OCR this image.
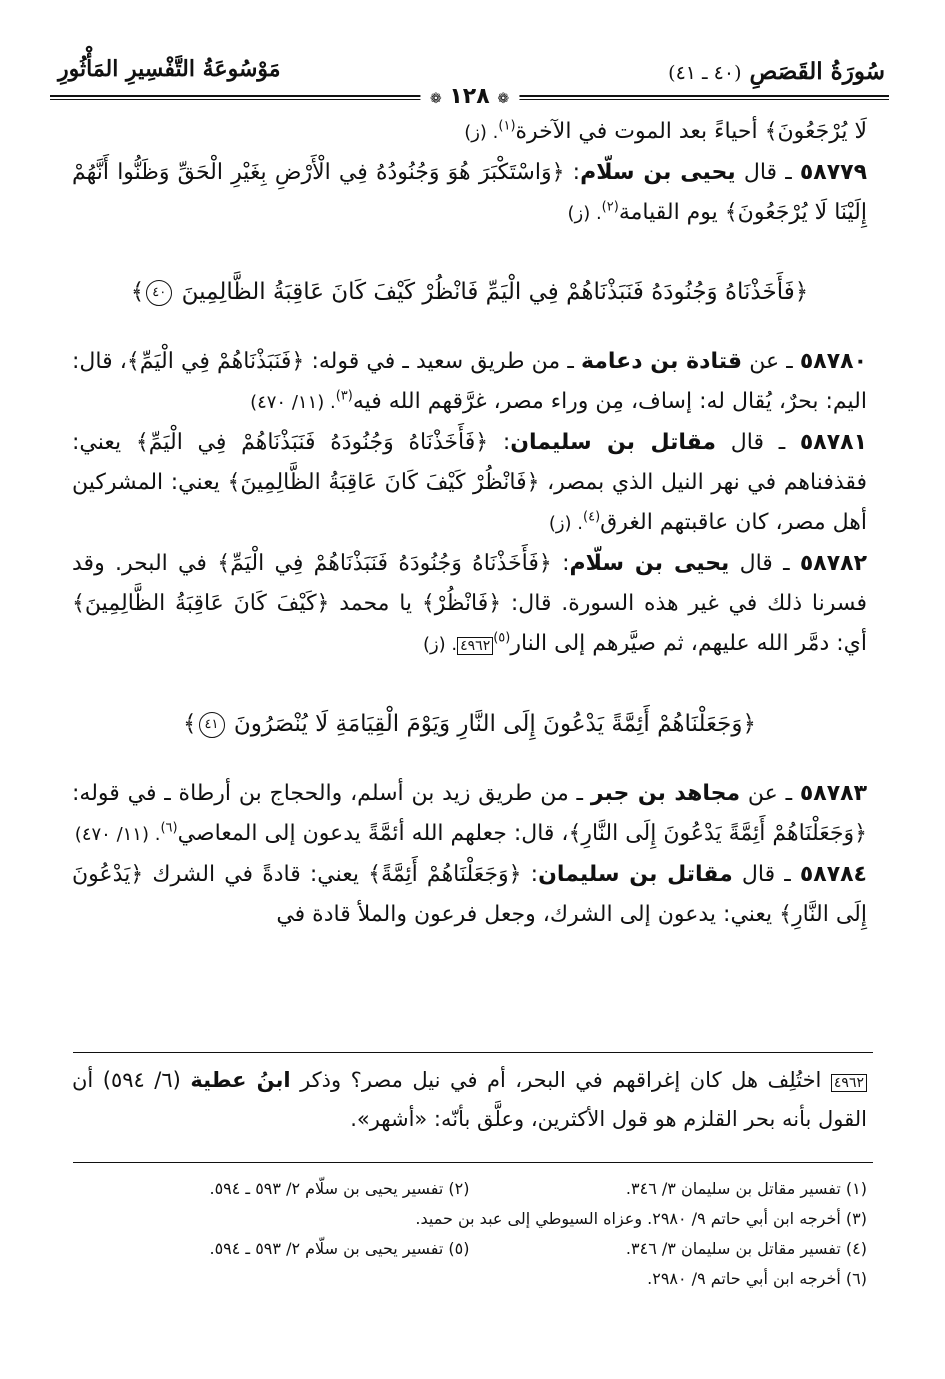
سُورَةُ القَصَصِ (٤٠ ـ ٤١)
مَوْسُوعَةُ التَّفْسِيرِ المَأْثُورِ
❁ ١٢٨ ❁

لَا يُرْجَعُونَ﴾ أحياءً بعد الموت في الآخرة$^{(١)}$. (ز)

٥٨٧٧٩ ـ قال يحيى بن سلّام: ﴿وَاسْتَكْبَرَ هُوَ وَجُنُودُهُ فِي الْأَرْضِ بِغَيْرِ الْحَقِّ وَظَنُّوا أَنَّهُمْ إِلَيْنَا لَا يُرْجَعُونَ﴾ يوم القيامة$^{(٢)}$. (ز)

﴿فَأَخَذْنَاهُ وَجُنُودَهُ فَنَبَذْنَاهُمْ فِي الْيَمِّ فَانْظُرْ كَيْفَ كَانَ عَاقِبَةُ الظَّالِمِينَ ٤٠﴾

٥٨٧٨٠ ـ عن قتادة بن دعامة ـ من طريق سعيد ـ في قوله: ﴿فَنَبَذْنَاهُمْ فِي الْيَمِّ﴾، قال: اليم: بحرٌ، يُقال له: إساف، مِن وراء مصر، غرَّقهم الله فيه$^{(٣)}$. (١١/ ٤٧٠)

٥٨٧٨١ ـ قال مقاتل بن سليمان: ﴿فَأَخَذْنَاهُ وَجُنُودَهُ فَنَبَذْنَاهُمْ فِي الْيَمِّ﴾ يعني: فقذفناهم في نهر النيل الذي بمصر، ﴿فَانْظُرْ كَيْفَ كَانَ عَاقِبَةُ الظَّالِمِينَ﴾ يعني: المشركين أهل مصر، كان عاقبتهم الغرق$^{(٤)}$. (ز)

٥٨٧٨٢ ـ قال يحيى بن سلّام: ﴿فَأَخَذْنَاهُ وَجُنُودَهُ فَنَبَذْنَاهُمْ فِي الْيَمِّ﴾ في البحر. وقد فسرنا ذلك في غير هذه السورة. قال: ﴿فَانْظُرْ﴾ يا محمد ﴿كَيْفَ كَانَ عَاقِبَةُ الظَّالِمِينَ﴾ أي: دمَّر الله عليهم، ثم صيَّرهم إلى النار$^{(٥)}$٤٩٦٢. (ز)

﴿وَجَعَلْنَاهُمْ أَئِمَّةً يَدْعُونَ إِلَى النَّارِ وَيَوْمَ الْقِيَامَةِ لَا يُنْصَرُونَ ٤١﴾

٥٨٧٨٣ ـ عن مجاهد بن جبر ـ من طريق زيد بن أسلم، والحجاج بن أرطاة ـ في قوله: ﴿وَجَعَلْنَاهُمْ أَئِمَّةً يَدْعُونَ إِلَى النَّارِ﴾، قال: جعلهم الله أئمَّةً يدعون إلى المعاصي$^{(٦)}$. (١١/ ٤٧٠)

٥٨٧٨٤ ـ قال مقاتل بن سليمان: ﴿وَجَعَلْنَاهُمْ أَئِمَّةً﴾ يعني: قادةً في الشرك ﴿يَدْعُونَ إِلَى النَّارِ﴾ يعني: يدعون إلى الشرك، وجعل فرعون والملأ قادة في

٤٩٦٢ اختُلِف هل كان إغراقهم في البحر، أم في نيل مصر؟ وذكر ابنُ عطية (٦/ ٥٩٤) أن القول بأنه بحر القلزم هو قول الأكثرين، وعلَّق بأنّه: «أشهر».

(١) تفسير مقاتل بن سليمان ٣/ ٣٤٦.
(٢) تفسير يحيى بن سلّام ٢/ ٥٩٣ ـ ٥٩٤.
(٣) أخرجه ابن أبي حاتم ٩/ ٢٩٨٠. وعزاه السيوطي إلى عبد بن حميد.
(٤) تفسير مقاتل بن سليمان ٣/ ٣٤٦.
(٥) تفسير يحيى بن سلّام ٢/ ٥٩٣ ـ ٥٩٤.
(٦) أخرجه ابن أبي حاتم ٩/ ٢٩٨٠.
